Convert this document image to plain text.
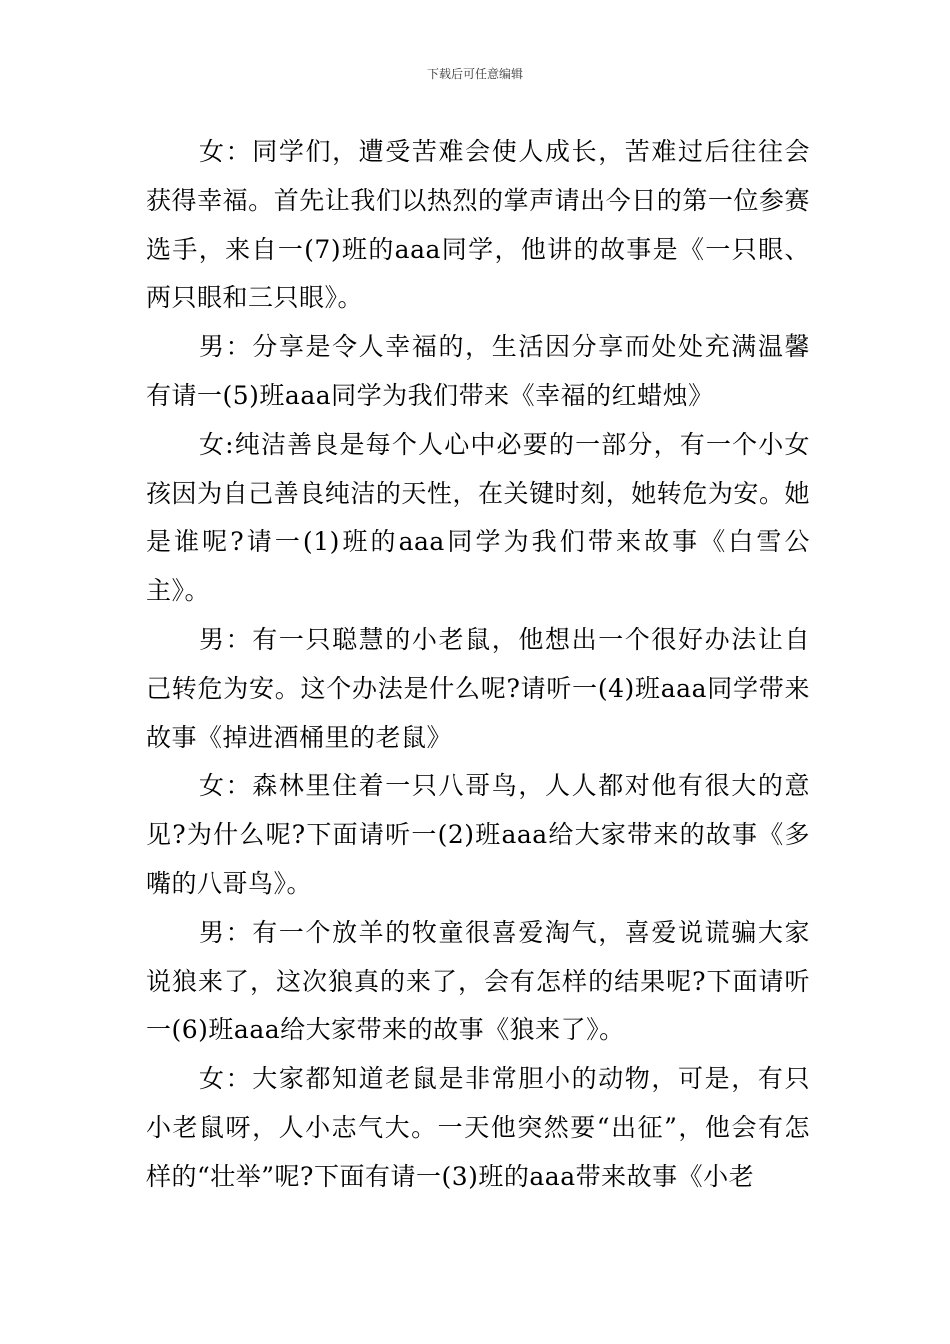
下载后可任意编辑

女：同学们，遭受苦难会使人成长，苦难过后往往会获得幸福。首先让我们以热烈的掌声请出今日的第一位参赛选手，来自一(7)班的aaa同学，他讲的故事是《一只眼、两只眼和三只眼》。

男：分享是令人幸福的，生活因分享而处处充满温馨有请一(5)班aaa同学为我们带来《幸福的红蜡烛》

女:纯洁善良是每个人心中必要的一部分，有一个小女孩因为自己善良纯洁的天性，在关键时刻，她转危为安。她是谁呢?请一(1)班的aaa同学为我们带来故事《白雪公主》。

男：有一只聪慧的小老鼠，他想出一个很好办法让自己转危为安。这个办法是什么呢?请听一(4)班aaa同学带来故事《掉进酒桶里的老鼠》

女：森林里住着一只八哥鸟，人人都对他有很大的意见?为什么呢?下面请听一(2)班aaa给大家带来的故事《多嘴的八哥鸟》。

男：有一个放羊的牧童很喜爱淘气，喜爱说谎骗大家说狼来了，这次狼真的来了，会有怎样的结果呢?下面请听一(6)班aaa给大家带来的故事《狼来了》。

女：大家都知道老鼠是非常胆小的动物，可是，有只小老鼠呀，人小志气大。一天他突然要“出征”，他会有怎样的“壮举”呢?下面有请一(3)班的aaa带来故事《小老
